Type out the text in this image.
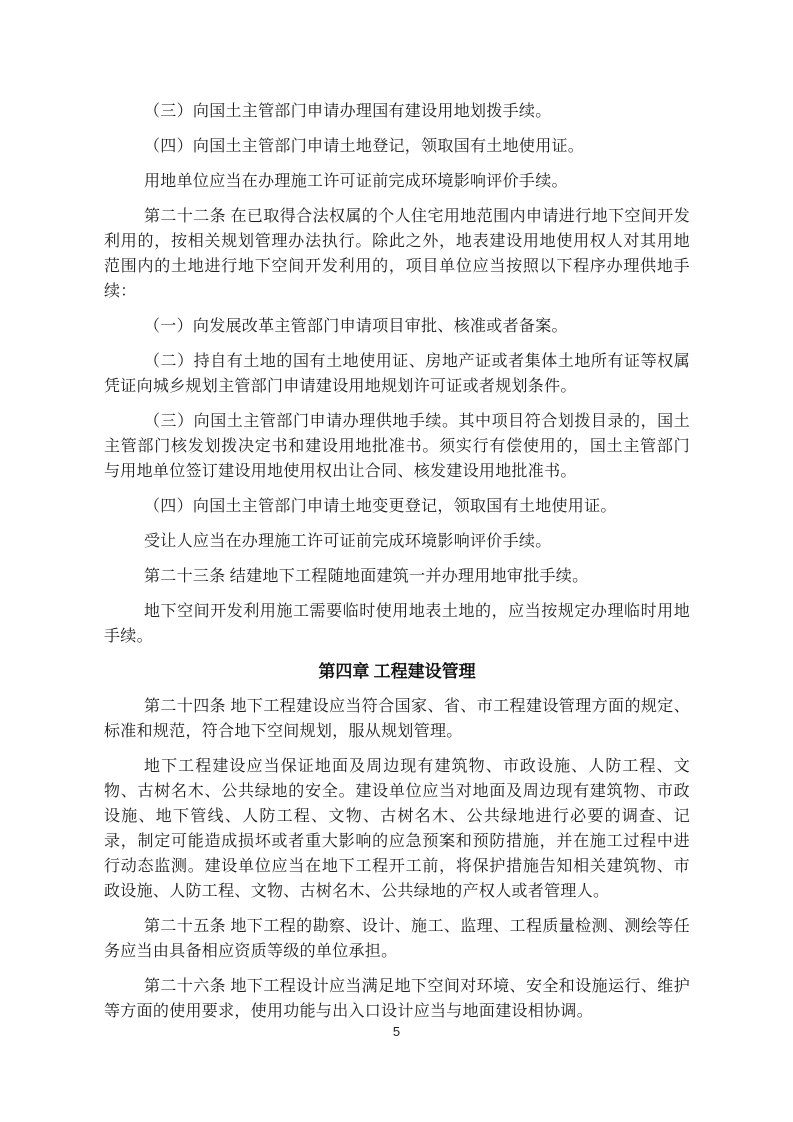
（三）向国土主管部门申请办理国有建设用地划拨手续。

（四）向国土主管部门申请土地登记，领取国有土地使用证。

用地单位应当在办理施工许可证前完成环境影响评价手续。

第二十二条 在已取得合法权属的个人住宅用地范围内申请进行地下空间开发利用的，按相关规划管理办法执行。除此之外，地表建设用地使用权人对其用地范围内的土地进行地下空间开发利用的，项目单位应当按照以下程序办理供地手续：

（一）向发展改革主管部门申请项目审批、核准或者备案。

（二）持自有土地的国有土地使用证、房地产证或者集体土地所有证等权属凭证向城乡规划主管部门申请建设用地规划许可证或者规划条件。

（三）向国土主管部门申请办理供地手续。其中项目符合划拨目录的，国土主管部门核发划拨决定书和建设用地批准书。须实行有偿使用的，国土主管部门与用地单位签订建设用地使用权出让合同、核发建设用地批准书。

（四）向国土主管部门申请土地变更登记，领取国有土地使用证。

受让人应当在办理施工许可证前完成环境影响评价手续。

第二十三条 结建地下工程随地面建筑一并办理用地审批手续。

地下空间开发利用施工需要临时使用地表土地的，应当按规定办理临时用地手续。

第四章 工程建设管理

第二十四条 地下工程建设应当符合国家、省、市工程建设管理方面的规定、标准和规范，符合地下空间规划，服从规划管理。

地下工程建设应当保证地面及周边现有建筑物、市政设施、人防工程、文物、古树名木、公共绿地的安全。建设单位应当对地面及周边现有建筑物、市政设施、地下管线、人防工程、文物、古树名木、公共绿地进行必要的调查、记录，制定可能造成损坏或者重大影响的应急预案和预防措施，并在施工过程中进行动态监测。建设单位应当在地下工程开工前，将保护措施告知相关建筑物、市政设施、人防工程、文物、古树名木、公共绿地的产权人或者管理人。

第二十五条 地下工程的勘察、设计、施工、监理、工程质量检测、测绘等任务应当由具备相应资质等级的单位承担。

第二十六条 地下工程设计应当满足地下空间对环境、安全和设施运行、维护等方面的使用要求，使用功能与出入口设计应当与地面建设相协调。

5
